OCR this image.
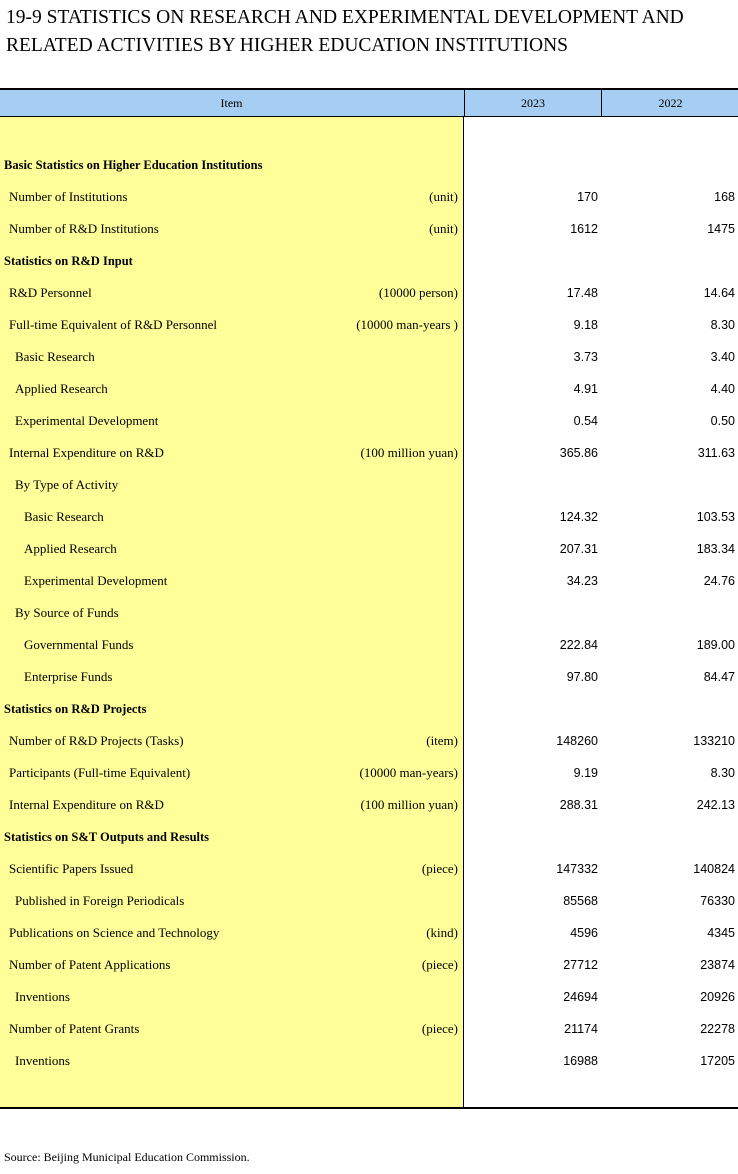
19-9 STATISTICS ON RESEARCH AND EXPERIMENTAL DEVELOPMENT AND
RELATED ACTIVITIES BY HIGHER EDUCATION INSTITUTIONS
Item	2023	2022
Basic Statistics on Higher Education Institutions
Number of Institutions	(unit)	170	168
Number of R&D Institutions	(unit)	1612	1475
Statistics on R&D Input
R&D Personnel	(10000 person)	17.48	14.64
Full-time Equivalent of R&D Personnel	(10000 man-years )	9.18	8.30
Basic Research	3.73	3.40
Applied Research	4.91	4.40
Experimental Development	0.54	0.50
Internal Expenditure on R&D	(100 million yuan)	365.86	311.63
By Type of Activity
Basic Research	124.32	103.53
Applied Research	207.31	183.34
Experimental Development	34.23	24.76
By Source of Funds
Governmental Funds	222.84	189.00
Enterprise Funds	97.80	84.47
Statistics on R&D Projects
Number of R&D Projects (Tasks)	(item)	148260	133210
Participants (Full-time Equivalent)	(10000 man-years)	9.19	8.30
Internal Expenditure on R&D	(100 million yuan)	288.31	242.13
Statistics on S&T Outputs and Results
Scientific Papers Issued	(piece)	147332	140824
Published in Foreign Periodicals	85568	76330
Publications on Science and Technology	(kind)	4596	4345
Number of Patent Applications	(piece)	27712	23874
Inventions	24694	20926
Number of Patent Grants	(piece)	21174	22278
Inventions	16988	17205
Source: Beijing Municipal Education Commission.
